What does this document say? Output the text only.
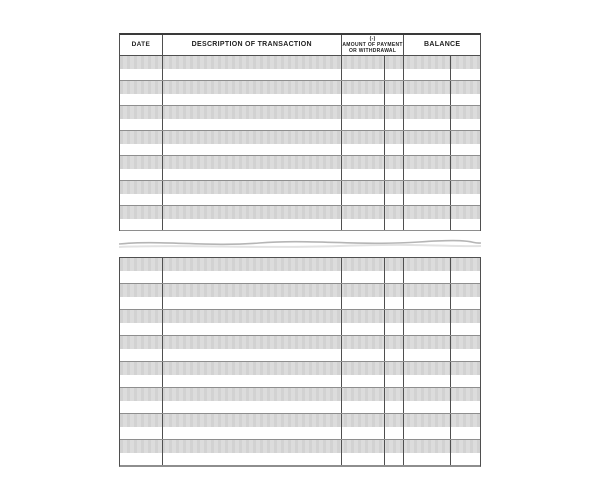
DATE	DESCRIPTION OF TRANSACTION
(-)
AMOUNT OF PAYMENT
OR WITHDRAWAL
BALANCE
